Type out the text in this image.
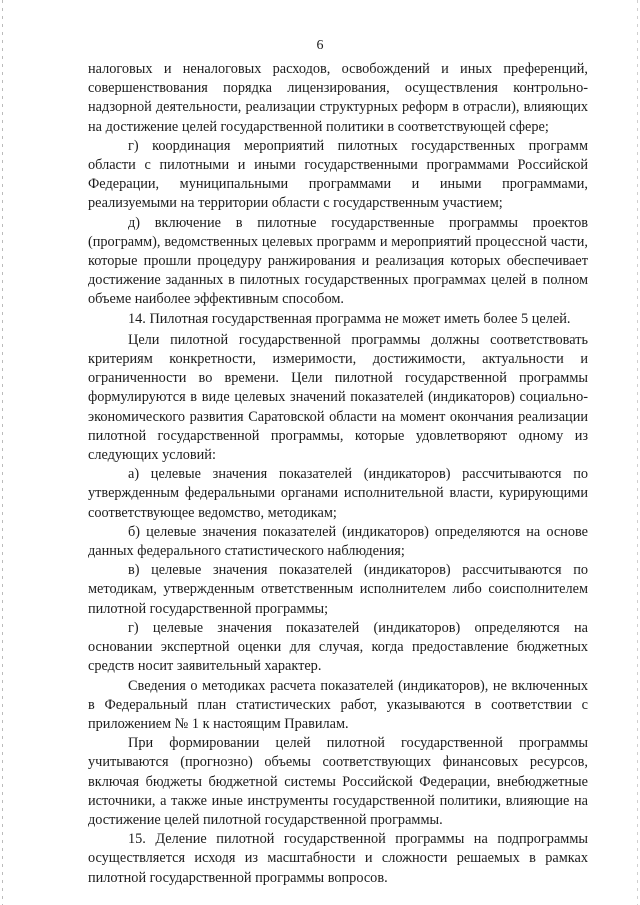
6

налоговых и неналоговых расходов, освобождений и иных преференций, совершенствования порядка лицензирования, осуществления контрольно-надзорной деятельности, реализации структурных реформ в отрасли), влияющих на достижение целей государственной политики в соответствующей сфере;

г) координация мероприятий пилотных государственных программ области с пилотными и иными государственными программами Российской Федерации, муниципальными программами и иными программами, реализуемыми на территории области с государственным участием;

д) включение в пилотные государственные программы проектов (программ), ведомственных целевых программ и мероприятий процессной части, которые прошли процедуру ранжирования и реализация которых обеспечивает достижение заданных в пилотных государственных программах целей в полном объеме наиболее эффективным способом.

14. Пилотная государственная программа не может иметь более 5 целей.

Цели пилотной государственной программы должны соответствовать критериям конкретности, измеримости, достижимости, актуальности и ограниченности во времени. Цели пилотной государственной программы формулируются в виде целевых значений показателей (индикаторов) социально-экономического развития Саратовской области на момент окончания реализации пилотной государственной программы, которые удовлетворяют одному из следующих условий:

а) целевые значения показателей (индикаторов) рассчитываются по утвержденным федеральными органами исполнительной власти, курирующими соответствующее ведомство, методикам;

б) целевые значения показателей (индикаторов) определяются на основе данных федерального статистического наблюдения;

в) целевые значения показателей (индикаторов) рассчитываются по методикам, утвержденным ответственным исполнителем либо соисполнителем пилотной государственной программы;

г) целевые значения показателей (индикаторов) определяются на основании экспертной оценки для случая, когда предоставление бюджетных средств носит заявительный характер.

Сведения о методиках расчета показателей (индикаторов), не включенных в Федеральный план статистических работ, указываются в соответствии с приложением № 1 к настоящим Правилам.

При формировании целей пилотной государственной программы учитываются (прогнозно) объемы соответствующих финансовых ресурсов, включая бюджеты бюджетной системы Российской Федерации, внебюджетные источники, а также иные инструменты государственной политики, влияющие на достижение целей пилотной государственной программы.

15. Деление пилотной государственной программы на подпрограммы осуществляется исходя из масштабности и сложности решаемых в рамках пилотной государственной программы вопросов.
